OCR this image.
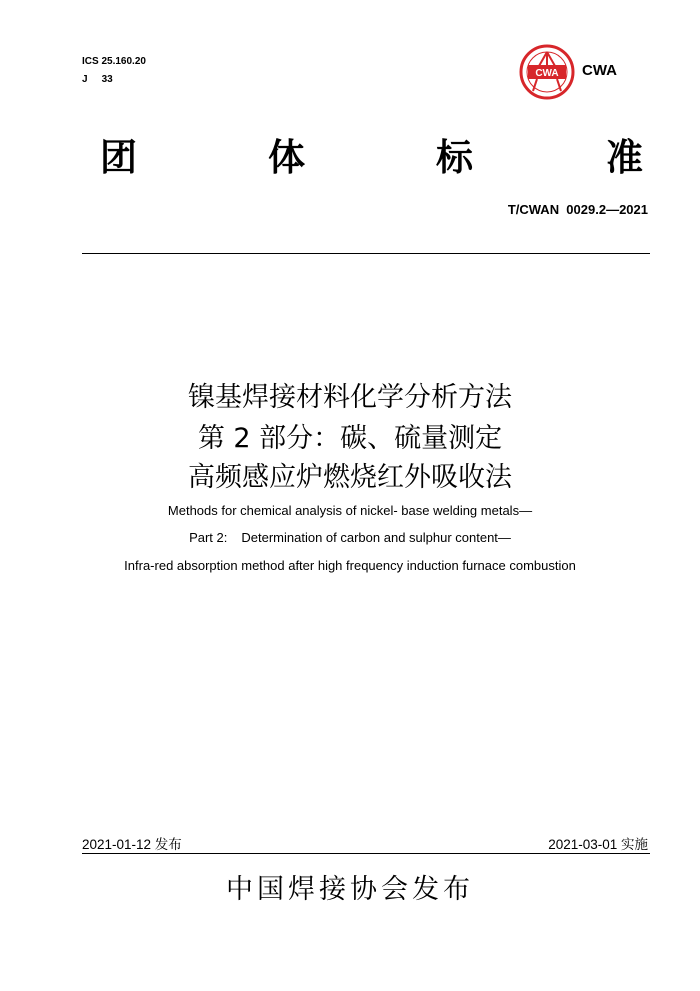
ICS 25.160.20
J 33
CWA CWA
团	体	标	准
T/CWAN  0029.2—2021
镍基焊接材料化学分析方法
第 2 部分：碳、硫量测定
高频感应炉燃烧红外吸收法
Methods for chemical analysis of nickel- base welding metals—
Part 2: Determination of carbon and sulphur content—
Infra-red absorption method after high frequency induction furnace combustion
2021-01-12 发布	2021-03-01 实施
中国焊接协会发布
